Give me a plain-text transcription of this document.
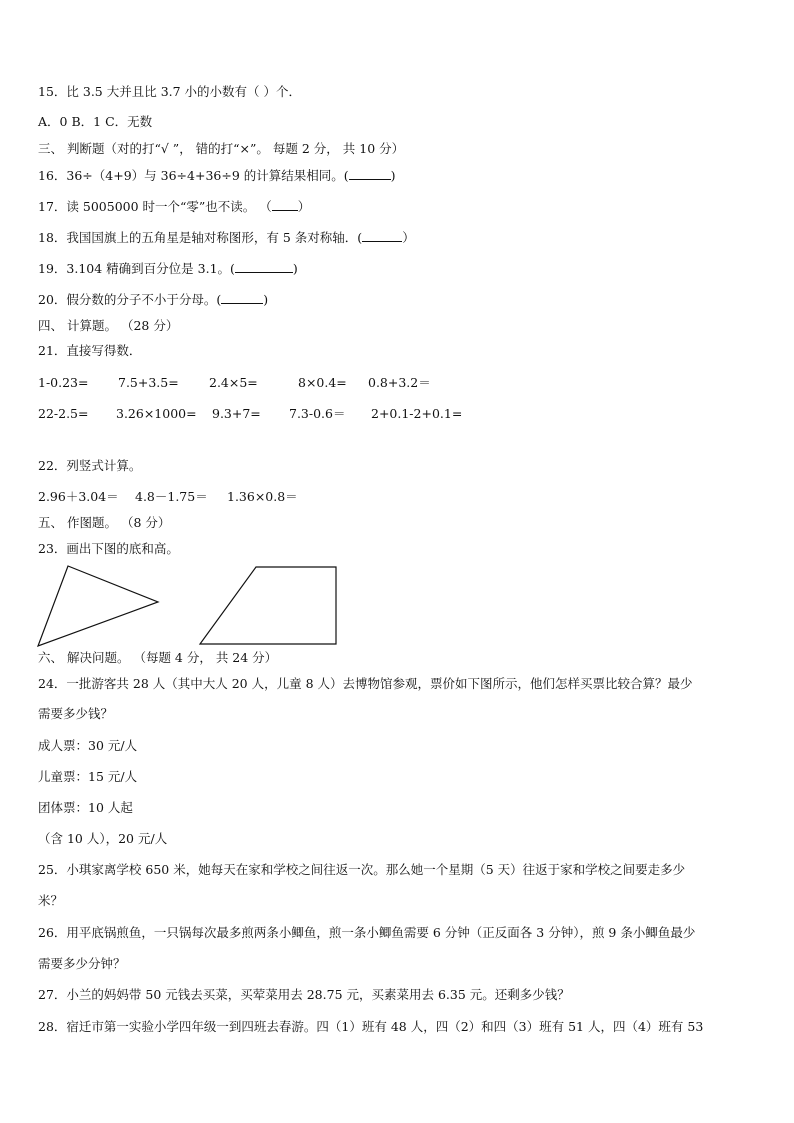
15．比 3.5 大并且比 3.7 小的小数有（ ）个．
A．0 B．1 C．无数
三、 判断题（对的打“√ ”， 错的打“×”。 每题 2 分， 共 10 分）
16．36÷（4+9）与 36÷4+36÷9 的计算结果相同。(	)
17．读 5005000 时一个“零”也不读。 （ ）
18．我国国旗上的五角星是轴对称图形，有 5 条对称轴．(	）
19．3.104 精确到百分位是 3.1。(	)
20．假分数的分子不小于分母。(	)
四、 计算题。 （28 分）
21．直接写得数．
1-0.23= 7.5+3.5= 2.4×5=	8×0.4= 0.8+3.2＝
22-2.5= 3.26×1000= 9.3+7= 7.3-0.6＝ 2+0.1-2+0.1=
22．列竖式计算。
2.96＋3.04＝ 4.8－1.75＝ 1.36×0.8＝
五、 作图题。 （8 分）
23．画出下图的底和高。
六、 解决问题。 （每题 4 分， 共 24 分）
24．一批游客共 28 人（其中大人 20 人，儿童 8 人）去博物馆参观，票价如下图所示，他们怎样买票比较合算？最少
需要多少钱？
成人票：30 元/人
儿童票：15 元/人
团体票：10 人起
（含 10 人），20 元/人
25．小琪家离学校 650 米，她每天在家和学校之间往返一次。那么她一个星期（5 天）往返于家和学校之间要走多少
米？
26．用平底锅煎鱼，一只锅每次最多煎两条小鲫鱼，煎一条小鲫鱼需要 6 分钟（正反面各 3 分钟），煎 9 条小鲫鱼最少
需要多少分钟？
27．小兰的妈妈带 50 元钱去买菜，买荤菜用去 28.75 元，买素菜用去 6.35 元。还剩多少钱？
28．宿迁市第一实验小学四年级一到四班去春游。四（1）班有 48 人，四（2）和四（3）班有 51 人，四（4）班有 53
